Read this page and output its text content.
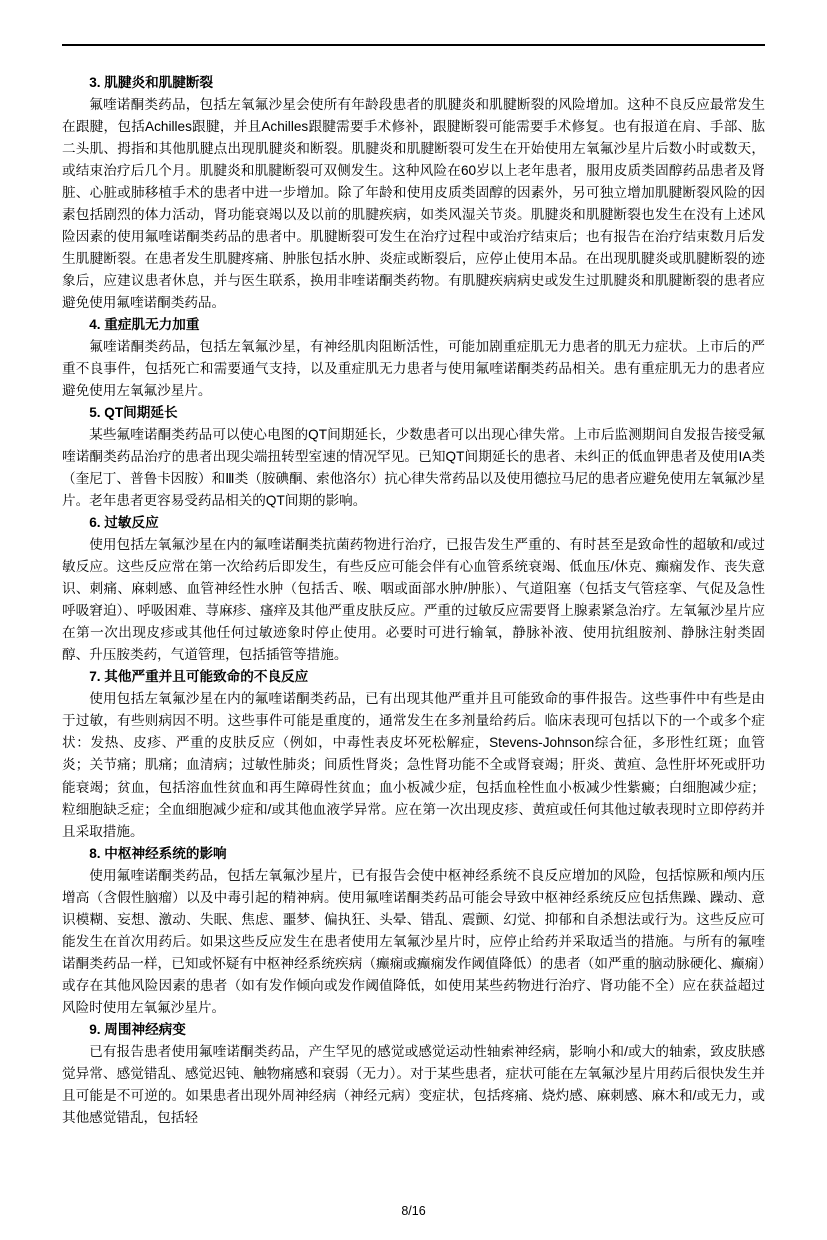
3. 肌腱炎和肌腱断裂

氟喹诺酮类药品，包括左氧氟沙星会使所有年龄段患者的肌腱炎和肌腱断裂的风险增加。这种不良反应最常发生在跟腱，包括Achilles跟腱，并且Achilles跟腱需要手术修补，跟腱断裂可能需要手术修复。也有报道在肩、手部、肱二头肌、拇指和其他肌腱点出现肌腱炎和断裂。肌腱炎和肌腱断裂可发生在开始使用左氧氟沙星片后数小时或数天，或结束治疗后几个月。肌腱炎和肌腱断裂可双侧发生。这种风险在60岁以上老年患者，服用皮质类固醇药品患者及肾脏、心脏或肺移植手术的患者中进一步增加。除了年龄和使用皮质类固醇的因素外，另可独立增加肌腱断裂风险的因素包括剧烈的体力活动，肾功能衰竭以及以前的肌腱疾病，如类风湿关节炎。肌腱炎和肌腱断裂也发生在没有上述风险因素的使用氟喹诺酮类药品的患者中。肌腱断裂可发生在治疗过程中或治疗结束后；也有报告在治疗结束数月后发生肌腱断裂。在患者发生肌腱疼痛、肿胀包括水肿、炎症或断裂后，应停止使用本品。在出现肌腱炎或肌腱断裂的迹象后，应建议患者休息，并与医生联系，换用非喹诺酮类药物。有肌腱疾病病史或发生过肌腱炎和肌腱断裂的患者应避免使用氟喹诺酮类药品。

4. 重症肌无力加重

氟喹诺酮类药品，包括左氧氟沙星，有神经肌肉阻断活性，可能加剧重症肌无力患者的肌无力症状。上市后的严重不良事件，包括死亡和需要通气支持，以及重症肌无力患者与使用氟喹诺酮类药品相关。患有重症肌无力的患者应避免使用左氧氟沙星片。

5. QT间期延长

某些氟喹诺酮类药品可以使心电图的QT间期延长，少数患者可以出现心律失常。上市后监测期间自发报告接受氟喹诺酮类药品治疗的患者出现尖端扭转型室速的情况罕见。已知QT间期延长的患者、未纠正的低血钾患者及使用IA类（奎尼丁、普鲁卡因胺）和Ⅲ类（胺碘酮、索他洛尔）抗心律失常药品以及使用德拉马尼的患者应避免使用左氧氟沙星片。老年患者更容易受药品相关的QT间期的影响。

6. 过敏反应

使用包括左氧氟沙星在内的氟喹诺酮类抗菌药物进行治疗，已报告发生严重的、有时甚至是致命性的超敏和/或过敏反应。这些反应常在第一次给药后即发生，有些反应可能会伴有心血管系统衰竭、低血压/休克、癫痫发作、丧失意识、刺痛、麻刺感、血管神经性水肿（包括舌、喉、咽或面部水肿/肿胀）、气道阻塞（包括支气管痉挛、气促及急性呼吸窘迫）、呼吸困难、荨麻疹、瘙痒及其他严重皮肤反应。严重的过敏反应需要肾上腺素紧急治疗。左氧氟沙星片应在第一次出现皮疹或其他任何过敏迹象时停止使用。必要时可进行输氧，静脉补液、使用抗组胺剂、静脉注射类固醇、升压胺类药，气道管理，包括插管等措施。

7. 其他严重并且可能致命的不良反应

使用包括左氧氟沙星在内的氟喹诺酮类药品，已有出现其他严重并且可能致命的事件报告。这些事件中有些是由于过敏，有些则病因不明。这些事件可能是重度的，通常发生在多剂量给药后。临床表现可包括以下的一个或多个症状：发热、皮疹、严重的皮肤反应（例如，中毒性表皮坏死松解症，Stevens-Johnson综合征，多形性红斑；血管炎；关节痛；肌痛；血清病；过敏性肺炎；间质性肾炎；急性肾功能不全或肾衰竭；肝炎、黄疸、急性肝坏死或肝功能衰竭；贫血，包括溶血性贫血和再生障碍性贫血；血小板减少症，包括血栓性血小板减少性紫癜；白细胞减少症；粒细胞缺乏症；全血细胞减少症和/或其他血液学异常。应在第一次出现皮疹、黄疸或任何其他过敏表现时立即停药并且采取措施。

8. 中枢神经系统的影响

使用氟喹诺酮类药品，包括左氧氟沙星片，已有报告会使中枢神经系统不良反应增加的风险，包括惊厥和颅内压增高（含假性脑瘤）以及中毒引起的精神病。使用氟喹诺酮类药品可能会导致中枢神经系统反应包括焦躁、躁动、意识模糊、妄想、激动、失眠、焦虑、噩梦、偏执狂、头晕、错乱、震颤、幻觉、抑郁和自杀想法或行为。这些反应可能发生在首次用药后。如果这些反应发生在患者使用左氧氟沙星片时，应停止给药并采取适当的措施。与所有的氟喹诺酮类药品一样，已知或怀疑有中枢神经系统疾病（癫痫或癫痫发作阈值降低）的患者（如严重的脑动脉硬化、癫痫）或存在其他风险因素的患者（如有发作倾向或发作阈值降低，如使用某些药物进行治疗、肾功能不全）应在获益超过风险时使用左氧氟沙星片。

9. 周围神经病变

已有报告患者使用氟喹诺酮类药品，产生罕见的感觉或感觉运动性轴索神经病，影响小和/或大的轴索，致皮肤感觉异常、感觉错乱、感觉迟钝、触物痛感和衰弱（无力）。对于某些患者，症状可能在左氧氟沙星片用药后很快发生并且可能是不可逆的。如果患者出现外周神经病（神经元病）变症状，包括疼痛、烧灼感、麻刺感、麻木和/或无力，或其他感觉错乱，包括轻

8/16
